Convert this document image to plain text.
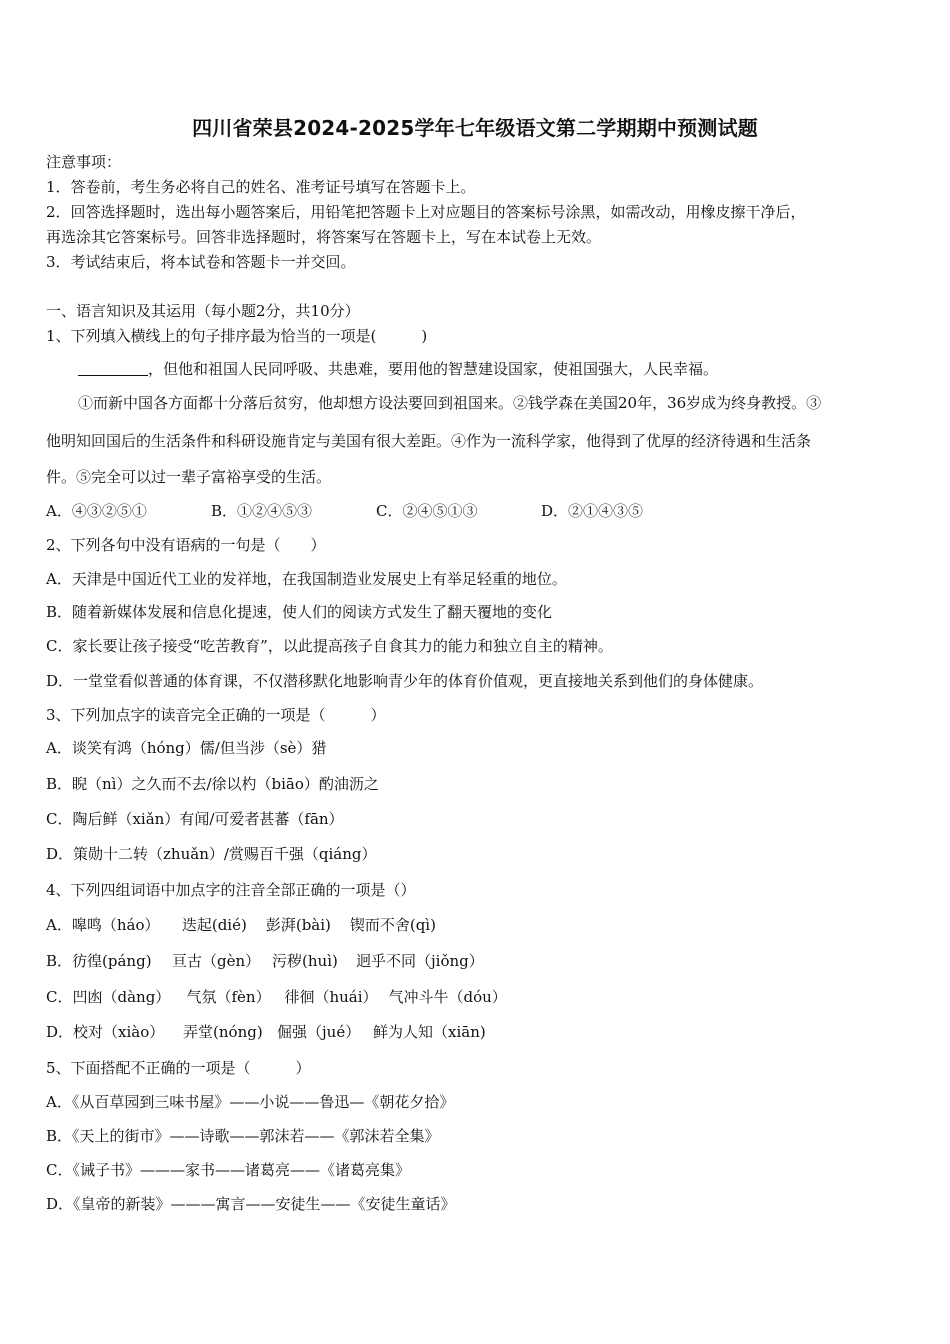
四川省荣县2024-2025学年七年级语文第二学期期中预测试题
注意事项：
1．答卷前，考生务必将自己的姓名、准考证号填写在答题卡上。
2．回答选择题时，选出每小题答案后，用铅笔把答题卡上对应题目的答案标号涂黑，如需改动，用橡皮擦干净后，
再选涂其它答案标号。回答非选择题时，将答案写在答题卡上，写在本试卷上无效。
3．考试结束后，将本试卷和答题卡一并交回。
一、语言知识及其运用（每小题2分，共10分）
1、下列填入横线上的句子排序最为恰当的一项是(　　　)
，但他和祖国人民同呼吸、共患难，要用他的智慧建设国家，使祖国强大，人民幸福。
①而新中国各方面都十分落后贫穷，他却想方设法要回到祖国来。②钱学森在美国20年，36岁成为终身教授。③
他明知回国后的生活条件和科研设施肯定与美国有很大差距。④作为一流科学家，他得到了优厚的经济待遇和生活条
件。⑤完全可以过一辈子富裕享受的生活。
A．④③②⑤①	B．①②④⑤③	C．②④⑤①③	D．②①④③⑤
2、下列各句中没有语病的一句是（　　）
A．天津是中国近代工业的发祥地，在我国制造业发展史上有举足轻重的地位。
B．随着新媒体发展和信息化提速，使人们的阅读方式发生了翻天覆地的变化
C．家长要让孩子接受“吃苦教育”，以此提高孩子自食其力的能力和独立自主的精神。
D．一堂堂看似普通的体育课，不仅潜移默化地影响青少年的体育价值观，更直接地关系到他们的身体健康。
3、下列加点字的读音完全正确的一项是（　　　）
A．谈笑有鸿（hóng）儒/但当涉（sè）猎
B．睨（nì）之久而不去/徐以杓（biāo）酌油沥之
C．陶后鲜（xiǎn）有闻/可爱者甚蕃（fān）
D．策勋十二转（zhuǎn）/赏赐百千强（qiáng）
4、下列四组词语中加点字的注音全部正确的一项是（）
A．嗥鸣（háo） 迭起(dié) 彭湃(bài) 锲而不舍(qì)
B．彷徨(páng) 亘古（gèn） 污秽(huì) 迥乎不同（jiǒng）
C．凹凼（dàng） 气氛（fèn） 徘徊（huái） 气冲斗牛（dóu）
D．校对（xiào） 弄堂(nóng) 倔强（jué） 鲜为人知（xiān)
5、下面搭配不正确的一项是（　　　）
A．《从百草园到三味书屋》——小说——鲁迅—《朝花夕拾》
B．《天上的街市》——诗歌——郭沫若——《郭沫若全集》
C．《诫子书》———家书——诸葛亮——《诸葛亮集》
D．《皇帝的新装》———寓言——安徒生——《安徒生童话》
